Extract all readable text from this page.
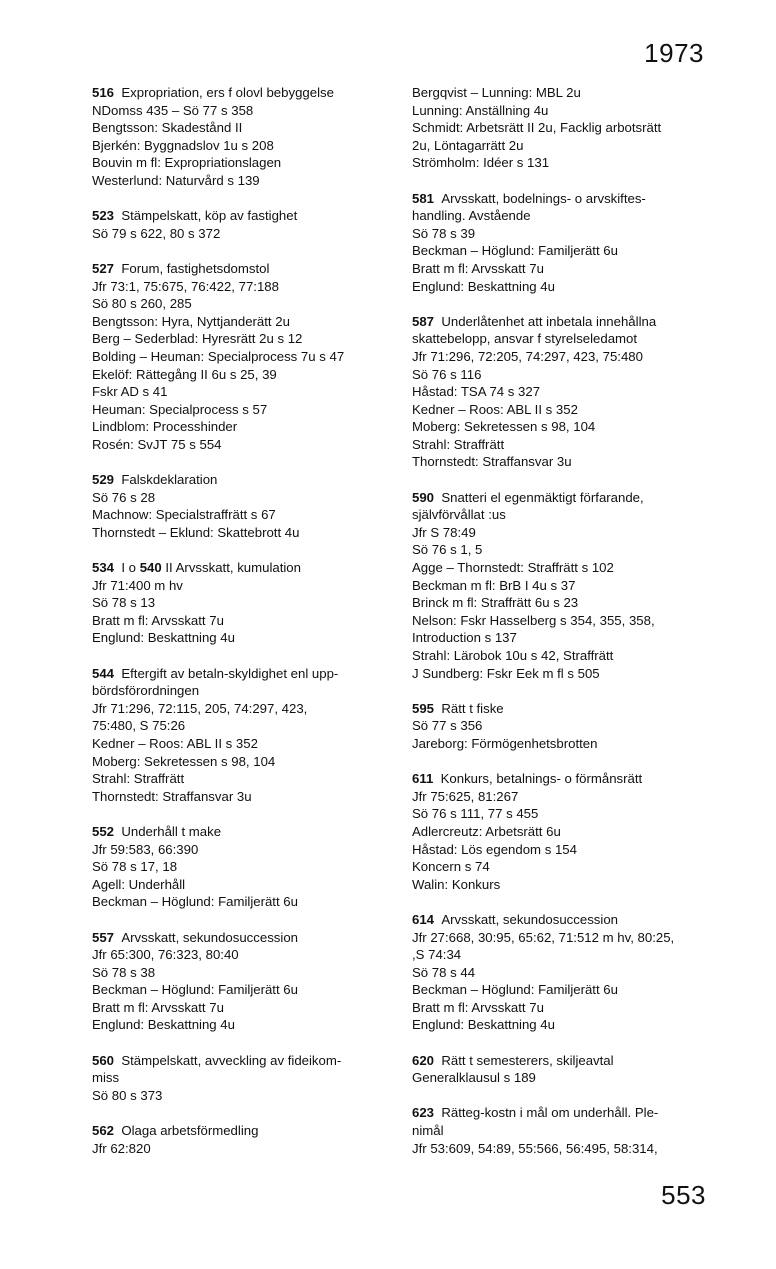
1973
516 Expropriation, ers f olovl bebyggelse
NDomss 435 – Sö 77 s 358
Bengtsson: Skadestånd II
Bjerkén: Byggnadslov 1u s 208
Bouvin m fl: Expropriationslagen
Westerlund: Naturvård s 139
523 Stämpelskatt, köp av fastighet
Sö 79 s 622, 80 s 372
527 Forum, fastighetsdomstol
Jfr 73:1, 75:675, 76:422, 77:188
Sö 80 s 260, 285
Bengtsson: Hyra, Nyttjanderätt 2u
Berg – Sederblad: Hyresrätt 2u s 12
Bolding – Heuman: Specialprocess 7u s 47
Ekelöf: Rättegång II 6u s 25, 39
Fskr AD s 41
Heuman: Specialprocess s 57
Lindblom: Processhinder
Rosén: SvJT 75 s 554
529 Falskdeklaration
Sö 76 s 28
Machnow: Specialstraffrätt s 67
Thornstedt – Eklund: Skattebrott 4u
534 I o 540 II Arvsskatt, kumulation
Jfr 71:400 m hv
Sö 78 s 13
Bratt m fl: Arvsskatt 7u
Englund: Beskattning 4u
544 Eftergift av betaln-skyldighet enl upp-
bördsförordningen
Jfr 71:296, 72:115, 205, 74:297, 423,
75:480, S 75:26
Kedner – Roos: ABL II s 352
Moberg: Sekretessen s 98, 104
Strahl: Straffrätt
Thornstedt: Straffansvar 3u
552 Underhåll t make
Jfr 59:583, 66:390
Sö 78 s 17, 18
Agell: Underhåll
Beckman – Höglund: Familjerätt 6u
557 Arvsskatt, sekundosuccession
Jfr 65:300, 76:323, 80:40
Sö 78 s 38
Beckman – Höglund: Familjerätt 6u
Bratt m fl: Arvsskatt 7u
Englund: Beskattning 4u
560 Stämpelskatt, avveckling av fideikom-
miss
Sö 80 s 373
562 Olaga arbetsförmedling
Jfr 62:820
Bergqvist – Lunning: MBL 2u
Lunning: Anställning 4u
Schmidt: Arbetsrätt II 2u, Facklig arbotsrätt
2u, Löntagarrätt 2u
Strömholm: Idéer s 131
581 Arvsskatt, bodelnings- o arvskiftes-
handling. Avstående
Sö 78 s 39
Beckman – Höglund: Familjerätt 6u
Bratt m fl: Arvsskatt 7u
Englund: Beskattning 4u
587 Underlåtenhet att inbetala innehållna
skattebelopp, ansvar f styrelseledamot
Jfr 71:296, 72:205, 74:297, 423, 75:480
Sö 76 s 116
Håstad: TSA 74 s 327
Kedner – Roos: ABL II s 352
Moberg: Sekretessen s 98, 104
Strahl: Straffrätt
Thornstedt: Straffansvar 3u
590 Snatteri el egenmäktigt förfarande,
självförvållat :us
Jfr S 78:49
Sö 76 s 1, 5
Agge – Thornstedt: Straffrätt s 102
Beckman m fl: BrB I 4u s 37
Brinck m fl: Straffrätt 6u s 23
Nelson: Fskr Hasselberg s 354, 355, 358,
Introduction s 137
Strahl: Lärobok 10u s 42, Straffrätt
J Sundberg: Fskr Eek m fl s 505
595 Rätt t fiske
Sö 77 s 356
Jareborg: Förmögenhetsbrotten
611 Konkurs, betalnings- o förmånsrätt
Jfr 75:625, 81:267
Sö 76 s 111, 77 s 455
Adlercreutz: Arbetsrätt 6u
Håstad: Lös egendom s 154
Koncern s 74
Walin: Konkurs
614 Arvsskatt, sekundosuccession
Jfr 27:668, 30:95, 65:62, 71:512 m hv, 80:25,
,S 74:34
Sö 78 s 44
Beckman – Höglund: Familjerätt 6u
Bratt m fl: Arvsskatt 7u
Englund: Beskattning 4u
620 Rätt t semesterers, skiljeavtal
Generalklausul s 189
623 Rätteg-kostn i mål om underhåll. Ple-
nimål
Jfr 53:609, 54:89, 55:566, 56:495, 58:314,
553
